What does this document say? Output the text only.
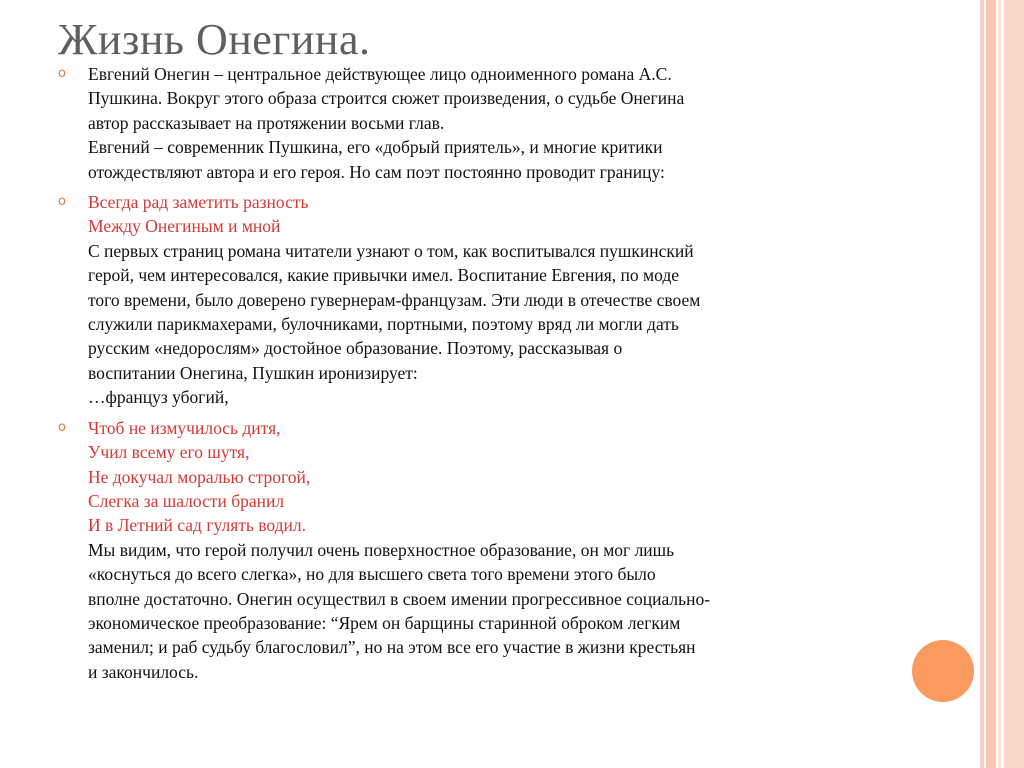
Жизнь Онегина.
o Евгений Онегин – центральное действующее лицо одноименного романа А.С.
Пушкина. Вокруг этого образа строится сюжет произведения, о судьбе Онегина
автор рассказывает на протяжении восьми глав.
Евгений – современник Пушкина, его «добрый приятель», и многие критики
отождествляют автора и его героя. Но сам поэт постоянно проводит границу:
o Всегда рад заметить разность
Между Онегиным и мной
С первых страниц романа читатели узнают о том, как воспитывался пушкинский
герой, чем интересовался, какие привычки имел. Воспитание Евгения, по моде
того времени, было доверено гувернерам-французам. Эти люди в отечестве своем
служили парикмахерами, булочниками, портными, поэтому вряд ли могли дать
русским «недорослям» достойное образование. Поэтому, рассказывая о
воспитании Онегина, Пушкин иронизирует:
…француз убогий,
o Чтоб не измучилось дитя,
Учил всему его шутя,
Не докучал моралью строгой,
Слегка за шалости бранил
И в Летний сад гулять водил.
Мы видим, что герой получил очень поверхностное образование, он мог лишь
«коснуться до всего слегка», но для высшего света того времени этого было
вполне достаточно. Онегин осуществил в своем имении прогрессивное социально-
экономическое преобразование: “Ярем он барщины старинной оброком легким
заменил; и раб судьбу благословил”, но на этом все его участие в жизни крестьян
и закончилось.
